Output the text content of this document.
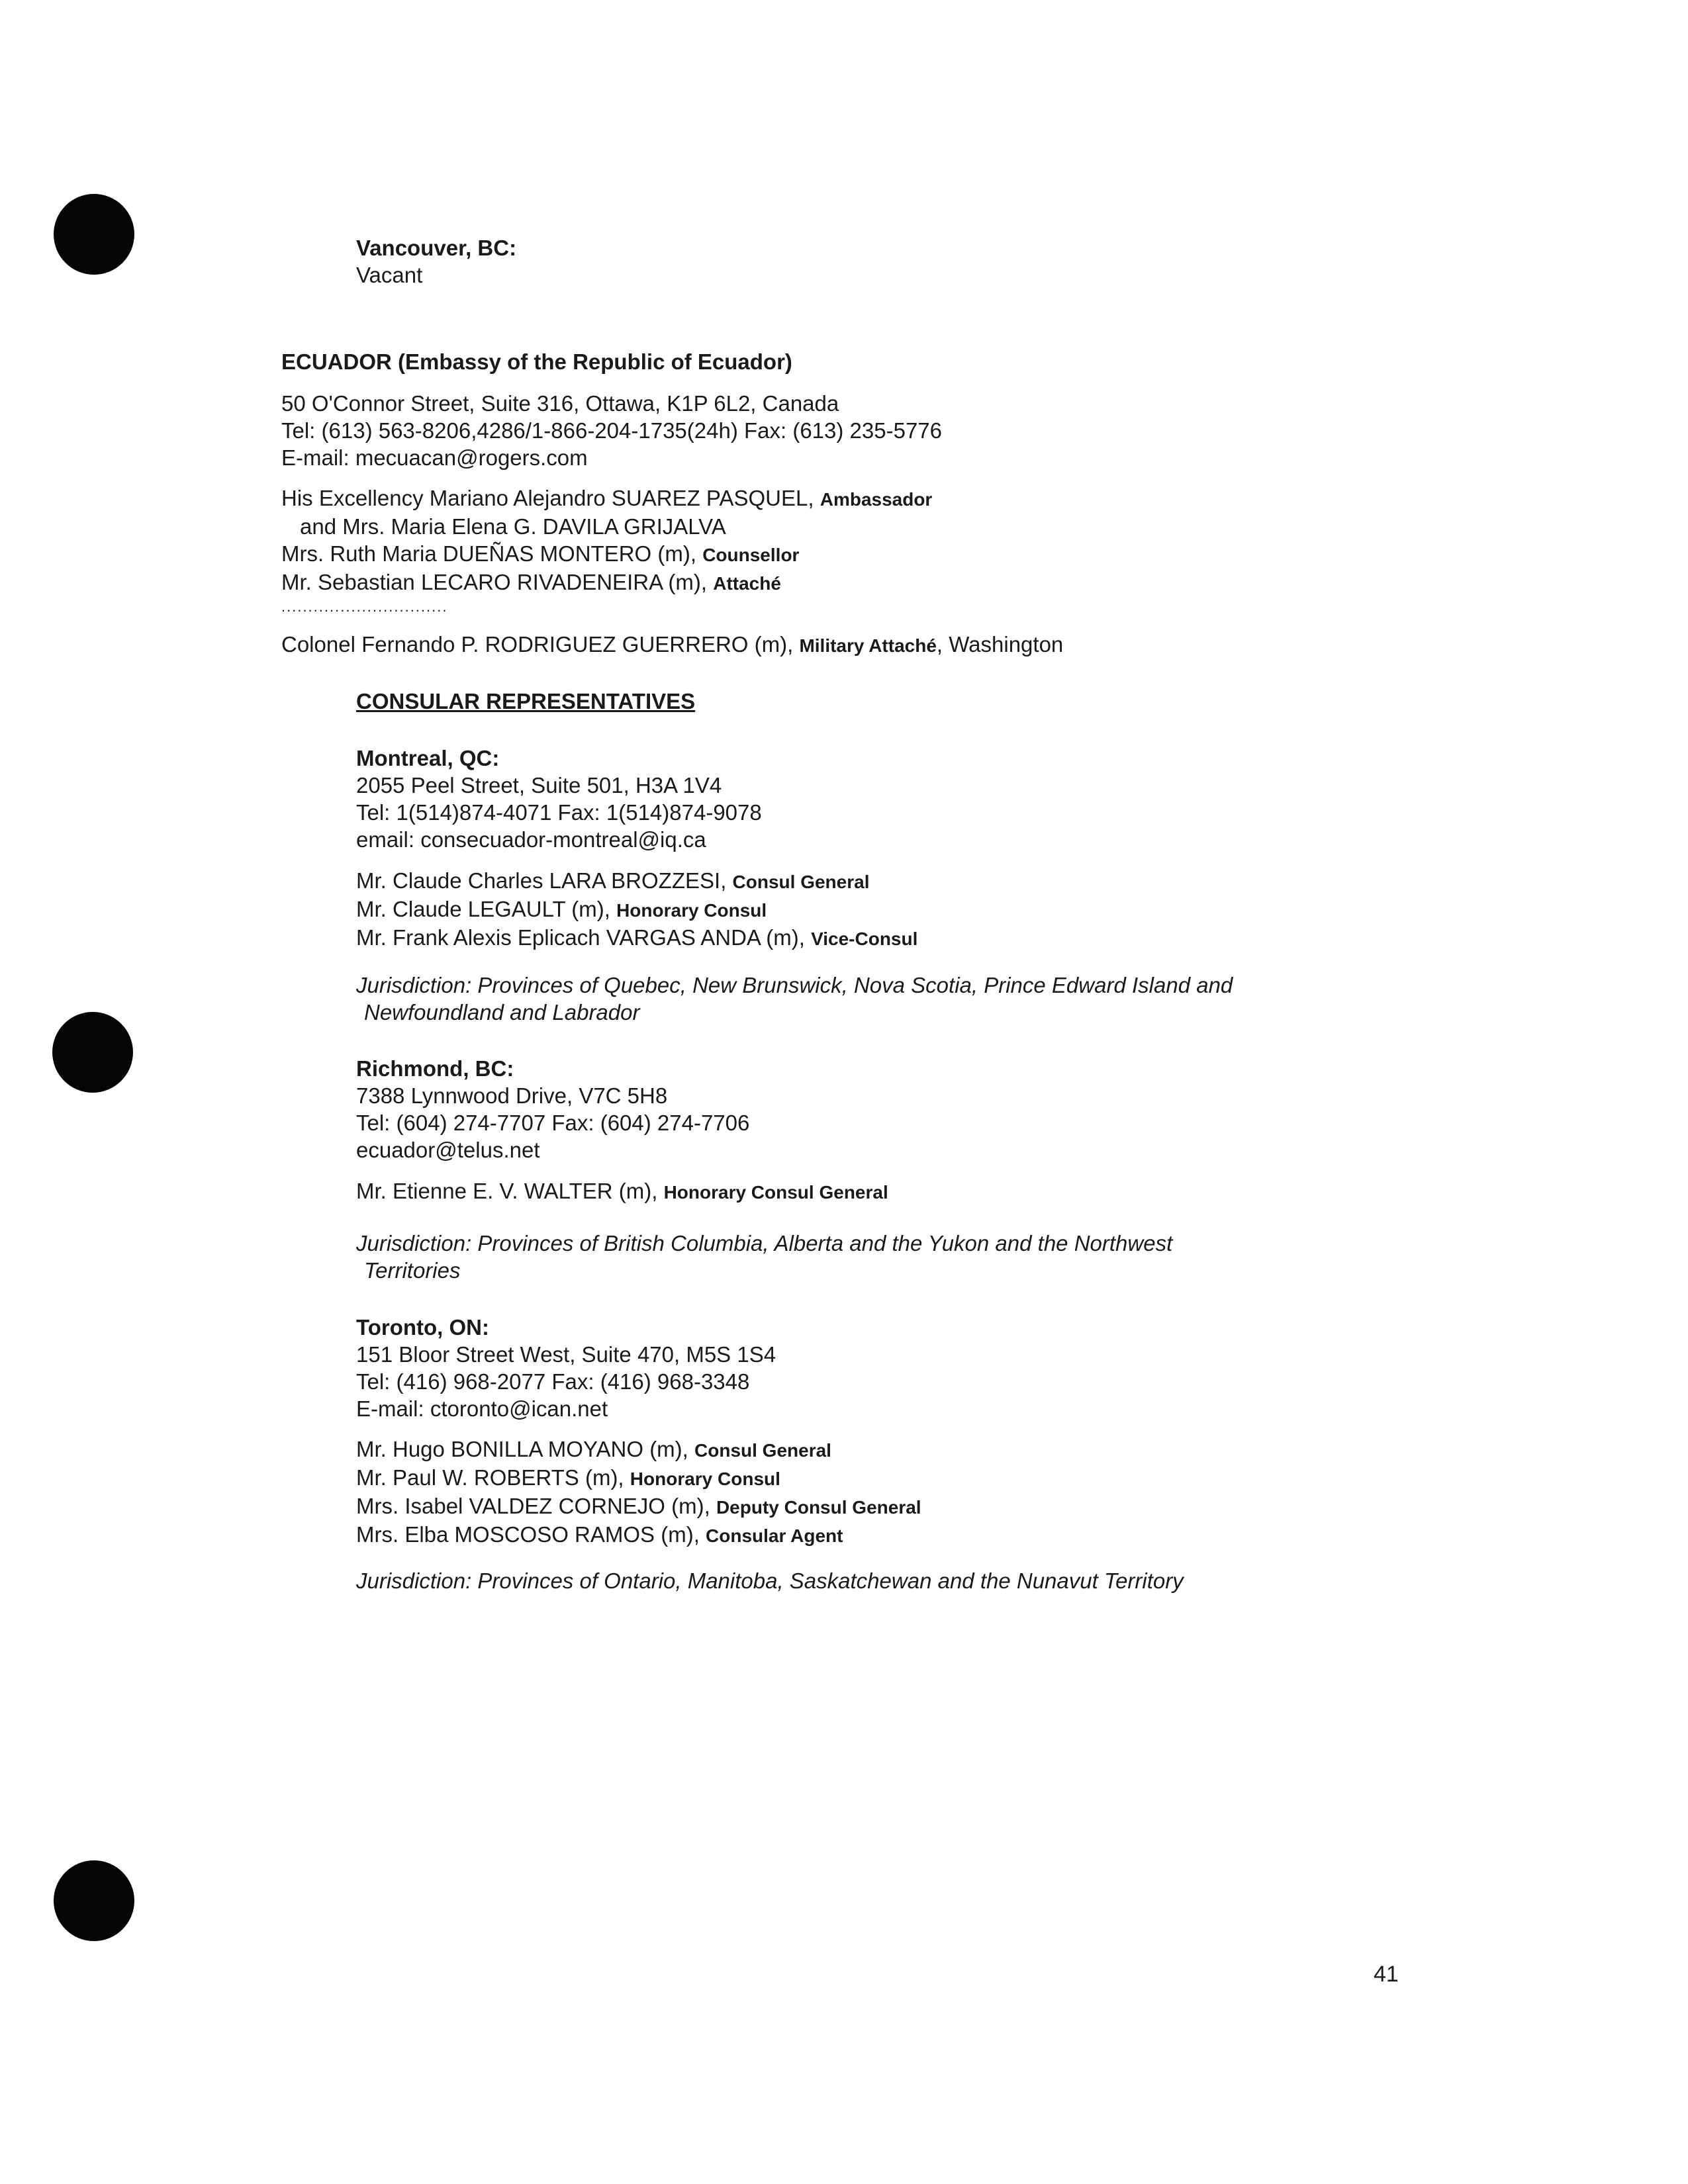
Vancouver, BC:
Vacant
ECUADOR (Embassy of the Republic of Ecuador)
50 O'Connor Street, Suite 316, Ottawa, K1P 6L2, Canada
Tel: (613) 563-8206,4286/1-866-204-1735(24h) Fax: (613) 235-5776
E-mail: mecuacan@rogers.com
His Excellency Mariano Alejandro SUAREZ PASQUEL, Ambassador
and Mrs. Maria Elena G. DAVILA GRIJALVA
Mrs. Ruth Maria DUEÑAS MONTERO (m), Counsellor
Mr. Sebastian LECARO RIVADENEIRA (m), Attaché
...............................
Colonel Fernando P. RODRIGUEZ GUERRERO (m), Military Attaché, Washington
CONSULAR REPRESENTATIVES
Montreal, QC:
2055 Peel Street, Suite 501, H3A 1V4
Tel: 1(514)874-4071 Fax: 1(514)874-9078
email: consecuador-montreal@iq.ca
Mr. Claude Charles LARA BROZZESI, Consul General
Mr. Claude LEGAULT (m), Honorary Consul
Mr. Frank Alexis Eplicach VARGAS ANDA (m), Vice-Consul
Jurisdiction: Provinces of Quebec, New Brunswick, Nova Scotia, Prince Edward Island and
Newfoundland and Labrador
Richmond, BC:
7388 Lynnwood Drive, V7C 5H8
Tel: (604) 274-7707 Fax: (604) 274-7706
ecuador@telus.net
Mr. Etienne E. V. WALTER (m), Honorary Consul General
Jurisdiction: Provinces of British Columbia, Alberta and the Yukon and the Northwest
Territories
Toronto, ON:
151 Bloor Street West, Suite 470, M5S 1S4
Tel: (416) 968-2077 Fax: (416) 968-3348
E-mail: ctoronto@ican.net
Mr. Hugo BONILLA MOYANO (m), Consul General
Mr. Paul W. ROBERTS (m), Honorary Consul
Mrs. Isabel VALDEZ CORNEJO (m), Deputy Consul General
Mrs. Elba MOSCOSO RAMOS (m), Consular Agent
Jurisdiction: Provinces of Ontario, Manitoba, Saskatchewan and the Nunavut Territory
41
